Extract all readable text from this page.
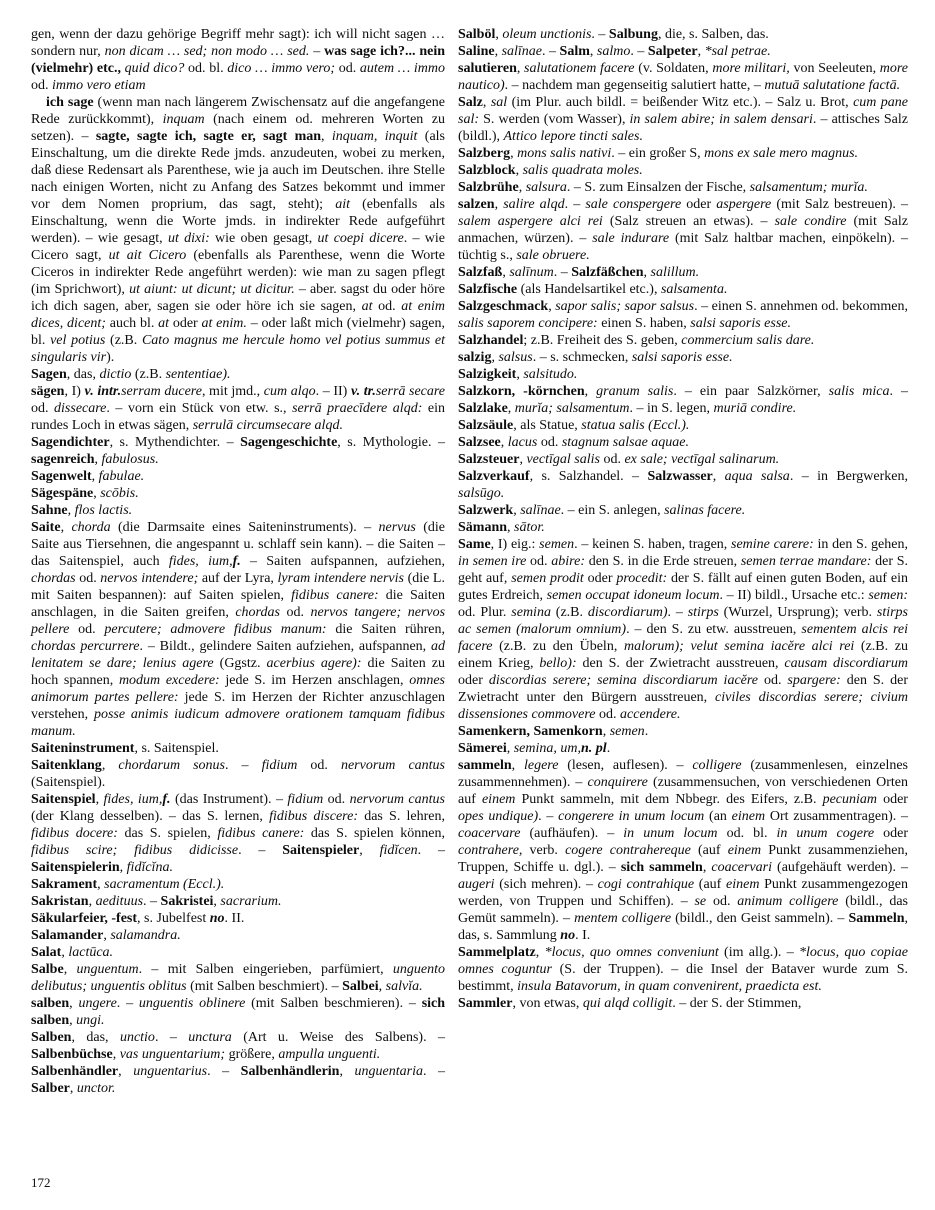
gen, wenn der dazu gehörige Begriff mehr sagt): ich will nicht sagen … sondern nur, non dicam … sed; non modo … sed. – was sage ich?... nein (vielmehr) etc., quid dico? od. bl. dico … immo vero; od. autem … immo od. immo vero etiam

ich sage (wenn man nach längerem Zwischensatz auf die angefangene Rede zurückkommt), inquam (nach einem od. mehreren Worten zu setzen). – sagte, sagte ich, sagte er, sagt man, inquam, inquit (als Einschaltung, um die direkte Rede jmds. anzudeuten, wobei zu merken, daß diese Redensart als Parenthese, wie ja auch im Deutschen. ihre Stelle nach einigen Worten, nicht zu Anfang des Satzes bekommt und immer vor dem Nomen proprium, das sagt, steht); ait (ebenfalls als Einschaltung, wenn die Worte jmds. in indirekter Rede aufgeführt werden). – wie gesagt, ut dixi: wie oben gesagt, ut coepi dicere. – wie Cicero sagt, ut ait Cicero (ebenfalls als Parenthese, wenn die Worte Ciceros in indirekter Rede angeführt werden): wie man zu sagen pflegt (im Sprichwort), ut aiunt: ut dicunt; ut dicitur. – aber. sagst du oder höre ich dich sagen, aber, sagen sie oder höre ich sie sagen, at od. at enim dices, dicent; auch bl. at oder at enim. – oder laßt mich (vielmehr) sagen, bl. vel potius (z.B. Cato magnus me hercule homo vel potius summus et singularis vir).

Sagen, das, dictio (z.B. sententiae).

sägen, I) v. intr.serram ducere, mit jmd., cum alqo. – II) v. tr.serrā secare od. dissecare. – vorn ein Stück von etw. s., serrā praecīdere alqd: ein rundes Loch in etwas sägen, serrulā circumsecare alqd.

Sagendichter, s. Mythendichter. – Sagengeschichte, s. Mythologie. – sagenreich, fabulosus.

Sagenwelt, fabulae.

Sägespäne, scōbis.

Sahne, flos lactis.

Saite, chorda (die Darmsaite eines Saiteninstruments). – nervus (die Saite aus Tiersehnen, die angespannt u. schlaff sein kann). – die Saiten – das Saitenspiel, auch fides, ium,f. – Saiten aufspannen, aufziehen, chordas od. nervos intendere; auf der Lyra, lyram intendere nervis (die L. mit Saiten bespannen): auf Saiten spielen, fidibus canere: die Saiten anschlagen, in die Saiten greifen, chordas od. nervos tangere; nervos pellere od. percutere; admovere fidibus manum: die Saiten rühren, chordas percurrere. – Bildt., gelindere Saiten aufziehen, aufspannen, ad lenitatem se dare; lenius agere (Ggstz. acerbius agere): die Saiten zu hoch spannen, modum excedere: jede S. im Herzen anschlagen, omnes animorum partes pellere: jede S. im Herzen der Richter anzuschlagen verstehen, posse animis iudicum admovere orationem tamquam fidibus manum.

Saiteninstrument, s. Saitenspiel.

Saitenklang, chordarum sonus. – fidium od. nervorum cantus (Saitenspiel).

Saitenspiel, fides, ium,f. (das Instrument). – fidium od. nervorum cantus (der Klang desselben). – das S. lernen, fidibus discere: das S. lehren, fidibus docere: das S. spielen, fidibus canere: das S. spielen können, fidibus scire; fidibus didicisse. – Saitenspieler, fidĭcen. – Saitenspielerin, fidĭcĭna.

Sakrament, sacramentum (Eccl.).

Sakristan, aedituus. – Sakristei, sacrarium.

Säkularfeier, -fest, s. Jubelfest no. II.

Salamander, salamandra.

Salat, lactūca.

Salbe, unguentum. – mit Salben eingerieben, parfümiert, unguento delibutus; unguentis oblitus (mit Salben beschmiert). – Salbei, salvĭa.

salben, ungere. – unguentis oblinere (mit Salben beschmieren). – sich salben, ungi.

Salben, das, unctio. – unctura (Art u. Weise des Salbens). – Salbenbüchse, vas unguentarium; größere, ampulla unguenti.

Salbenhändler, unguentarius. – Salbenhändlerin, unguentaria. – Salber, unctor.

Salböl, oleum unctionis. – Salbung, die, s. Salben, das.

Saline, salīnae. – Salm, salmo. – Salpeter, *sal petrae.

salutieren, salutationem facere (v. Soldaten, more militari, von Seeleuten, more nautico). – nachdem man gegenseitig salutiert hatte, – mutuā salutatione factā.

Salz, sal (im Plur. auch bildl. = beißender Witz etc.). – Salz u. Brot, cum pane sal: S. werden (vom Wasser), in salem abire; in salem densari. – attisches Salz (bildl.), Attico lepore tincti sales.

Salzberg, mons salis nativi. – ein großer S, mons ex sale mero magnus.

Salzblock, salis quadrata moles.

Salzbrühe, salsura. – S. zum Einsalzen der Fische, salsamentum; murĭa.

salzen, salire alqd. – sale conspergere oder aspergere (mit Salz bestreuen). – salem aspergere alci rei (Salz streuen an etwas). – sale condire (mit Salz anmachen, würzen). – sale indurare (mit Salz haltbar machen, einpökeln). – tüchtig s., sale obruere.

Salzfaß, salīnum. – Salzfäßchen, salillum.

Salzfische (als Handelsartikel etc.), salsamenta.

Salzgeschmack, sapor salis; sapor salsus. – einen S. annehmen od. bekommen, salis saporem concipere: einen S. haben, salsi saporis esse.

Salzhandel; z.B. Freiheit des S. geben, commercium salis dare.

salzig, salsus. – s. schmecken, salsi saporis esse.

Salzigkeit, salsitudo.

Salzkorn, -körnchen, granum salis. – ein paar Salzkörner, salis mica. – Salzlake, murĭa; salsamentum. – in S. legen, muriā condire.

Salzsäule, als Statue, statua salis (Eccl.).

Salzsee, lacus od. stagnum salsae aquae.

Salzsteuer, vectīgal salis od. ex sale; vectīgal salinarum.

Salzverkauf, s. Salzhandel. – Salzwasser, aqua salsa. – in Bergwerken, salsūgo.

Salzwerk, salīnae. – ein S. anlegen, salinas facere.

Sämann, sātor.

Same, I) eig.: semen. – keinen S. haben, tragen, semine carere: in den S. gehen, in semen ire od. abire: den S. in die Erde streuen, semen terrae mandare: der S. geht auf, semen prodit oder procedit: der S. fällt auf einen guten Boden, auf ein gutes Erdreich, semen occupat idoneum locum. – II) bildl., Ursache etc.: semen: od. Plur. semina (z.B. discordiarum). – stirps (Wurzel, Ursprung); verb. stirps ac semen (malorum omnium). – den S. zu etw. ausstreuen, sementem alcis rei facere (z.B. zu den Übeln, malorum); velut semina iacĕre alci rei (z.B. zu einem Krieg, bello): den S. der Zwietracht ausstreuen, causam discordiarum oder discordias serere; semina discordiarum iacĕre od. spargere: den S. der Zwietracht unter den Bürgern ausstreuen, civiles discordias serere; civium dissensiones commovere od. accendere.

Samenkern, Samenkorn, semen.

Sämerei, semina, um,n. pl.

sammeln, legere (lesen, auflesen). – colligere (zusammenlesen, einzelnes zusammennehmen). – conquirere (zusammensuchen, von verschiedenen Orten auf einem Punkt sammeln, mit dem Nbbegr. des Eifers, z.B. pecuniam oder opes undique). – congerere in unum locum (an einem Ort zusammentragen). – coacervare (aufhäufen). – in unum locum od. bl. in unum cogere oder contrahere, verb. cogere contrahereque (auf einem Punkt zusammenziehen, Truppen, Schiffe u. dgl.). – sich sammeln, coacervari (aufgehäuft werden). – augeri (sich mehren). – cogi contrahique (auf einem Punkt zusammengezogen werden, von Truppen und Schiffen). – se od. animum colligere (bildl., das Gemüt sammeln). – mentem colligere (bildl., den Geist sammeln). – Sammeln, das, s. Sammlung no. I.

Sammelplatz, *locus, quo omnes conveniunt (im allg.). – *locus, quo copiae omnes coguntur (S. der Truppen). – die Insel der Bataver wurde zum S. bestimmt, insula Batavorum, in quam convenirent, praedicta est.

Sammler, von etwas, qui alqd colligit. – der S. der Stimmen,

172
